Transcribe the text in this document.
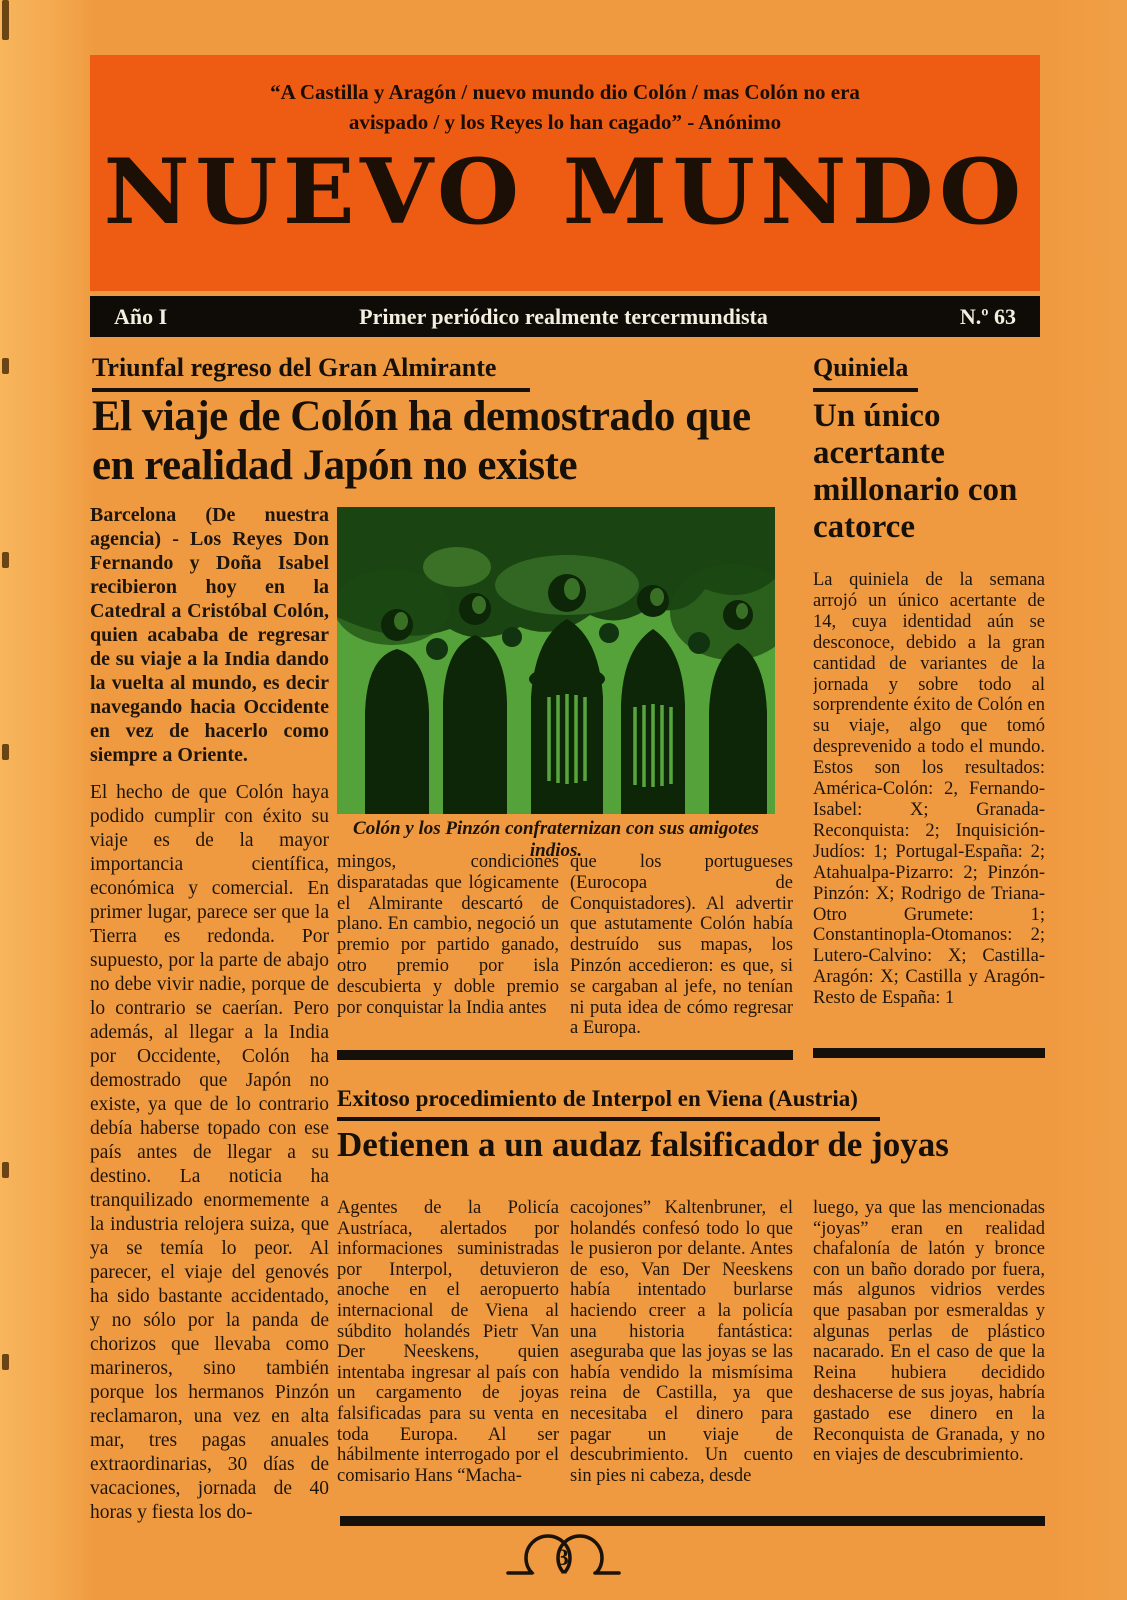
“A Castilla y Aragón / nuevo mundo dio Colón / mas Colón no era avispado / y los Reyes lo han cagado” - Anónimo
NUEVO MUNDO
Año I	Primer periódico realmente tercermundista	N.º 63
Triunfal regreso del Gran Almirante
El viaje de Colón ha demostrado que en realidad Japón no existe

Barcelona (De nuestra agencia) - Los Reyes Don Fernando y Doña Isabel recibieron hoy en la Catedral a Cristóbal Colón, quien acababa de regresar de su viaje a la India dando la vuelta al mundo, es decir navegando hacia Occidente en vez de hacerlo como siempre a Oriente.

El hecho de que Colón haya podido cumplir con éxito su viaje es de la mayor importancia científica, económica y comercial. En primer lugar, parece ser que la Tierra es redonda. Por supuesto, por la parte de abajo no debe vivir nadie, porque de lo contrario se caerían. Pero además, al llegar a la India por Occidente, Colón ha demostrado que Japón no existe, ya que de lo contrario debía haberse topado con ese país antes de llegar a su destino. La noticia ha tranquilizado enormemente a la industria relojera suiza, que ya se temía lo peor. Al parecer, el viaje del genovés ha sido bastante accidentado, y no sólo por la panda de chorizos que llevaba como marineros, sino también porque los hermanos Pinzón reclamaron, una vez en alta mar, tres pagas anuales extraordinarias, 30 días de vacaciones, jornada de 40 horas y fiesta los do-

Colón y los Pinzón confraternizan con sus amigotes indios.
mingos, condiciones disparatadas que lógicamente el Almirante descartó de plano. En cambio, negoció un premio por partido ganado, otro premio por isla descubierta y doble premio por conquistar la India antes
que los portugueses (Eurocopa de Conquistadores). Al advertir que astutamente Colón había destruído sus mapas, los Pinzón accedieron: es que, si se cargaban al jefe, no tenían ni puta idea de cómo regresar a Europa.
Quiniela
Un único acertante millonario con catorce
La quiniela de la semana arrojó un único acertante de 14, cuya identidad aún se desconoce, debido a la gran cantidad de variantes de la jornada y sobre todo al sorprendente éxito de Colón en su viaje, algo que tomó desprevenido a todo el mundo. Estos son los resultados: América-Colón: 2, Fernando-Isabel: X; Granada-Reconquista: 2; Inquisición-Judíos: 1; Portugal-España: 2; Atahualpa-Pizarro: 2; Pinzón-Pinzón: X; Rodrigo de Triana-Otro Grumete: 1; Constantinopla-Otomanos: 2; Lutero-Calvino: X; Castilla-Aragón: X; Castilla y Aragón-Resto de España: 1
Exitoso procedimiento de Interpol en Viena (Austria)
Detienen a un audaz falsificador de joyas
Agentes de la Policía Austríaca, alertados por informaciones suministradas por Interpol, detuvieron anoche en el aeropuerto internacional de Viena al súbdito holandés Pietr Van Der Neeskens, quien intentaba ingresar al país con un cargamento de joyas falsificadas para su venta en toda Europa. Al ser hábilmente interrogado por el comisario Hans “Macha-
cacojones” Kaltenbruner, el holandés confesó todo lo que le pusieron por delante. Antes de eso, Van Der Neeskens había intentado burlarse haciendo creer a la policía una historia fantástica: aseguraba que las joyas se las había vendido la mismísima reina de Castilla, ya que necesitaba el dinero para pagar un viaje de descubrimiento. Un cuento sin pies ni cabeza, desde
luego, ya que las mencionadas “joyas” eran en realidad chafalonía de latón y bronce con un baño dorado por fuera, más algunos vidrios verdes que pasaban por esmeraldas y algunas perlas de plástico nacarado. En el caso de que la Reina hubiera decidido deshacerse de sus joyas, habría gastado ese dinero en la Reconquista de Granada, y no en viajes de descubrimiento.
3
